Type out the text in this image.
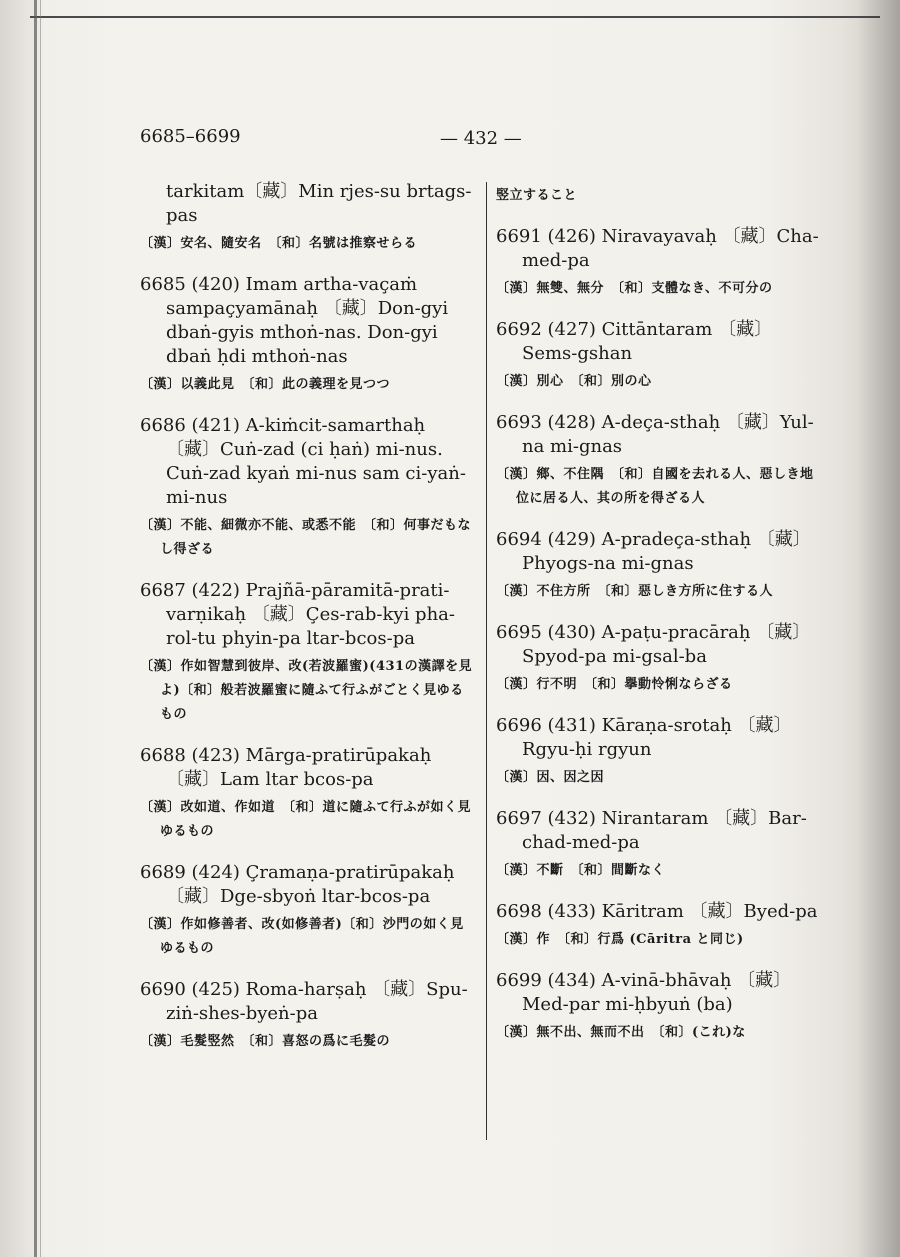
6685–6699	— 432 —
tarkitam〔藏〕Min rjes-su brtags-pas
〔漢〕安名、隨安名　〔和〕名號は推察せらる
6685 (420) Imam artha-vaçaṁ sampaçyamānaḥ 〔藏〕Don-gyi dbaṅ-gyis mthoṅ-nas. Don-gyi dbaṅ ḥdi mthoṅ-nas
〔漢〕以義此見　〔和〕此の義理を見つつ
6686 (421) A-kiṁcit-samarthaḥ 〔藏〕Cuṅ-zad (ci ḥaṅ) mi-nus. Cuṅ-zad kyaṅ mi-nus sam ci-yaṅ-mi-nus
〔漢〕不能、細微亦不能、或悉不能　〔和〕何事だもなし得ざる
6687 (422) Prajñā-pāramitā-prati-varṇikaḥ 〔藏〕Çes-rab-kyi pha-rol-tu phyin-pa ltar-bcos-pa
〔漢〕作如智慧到彼岸、改(若波羅蜜)(431の漢譯を見よ)〔和〕般若波羅蜜に隨ふて行ふがごとく見ゆるもの
6688 (423) Mārga-pratirūpakaḥ 〔藏〕Lam ltar bcos-pa
〔漢〕改如道、作如道　〔和〕道に隨ふて行ふが如く見ゆるもの
6689 (424) Çramaṇa-pratirūpakaḥ 〔藏〕Dge-sbyoṅ ltar-bcos-pa
〔漢〕作如修善者、改(如修善者)〔和〕沙門の如く見ゆるもの
6690 (425) Roma-harṣaḥ 〔藏〕Spu-ziṅ-shes-byeṅ-pa
〔漢〕毛髮竪然　〔和〕喜怒の爲に毛髮の
竪立すること
6691 (426) Niravayavaḥ 〔藏〕Cha-med-pa
〔漢〕無雙、無分　〔和〕支體なき、不可分の
6692 (427) Cittāntaram 〔藏〕Sems-gshan
〔漢〕別心　〔和〕別の心
6693 (428) A-deça-sthaḥ 〔藏〕Yul-na mi-gnas
〔漢〕鄉、不住隅　〔和〕自國を去れる人、惡しき地位に居る人、其の所を得ざる人
6694 (429) A-pradeça-sthaḥ 〔藏〕Phyogs-na mi-gnas
〔漢〕不住方所　〔和〕惡しき方所に住する人
6695 (430) A-paṭu-pracāraḥ 〔藏〕Spyod-pa mi-gsal-ba
〔漢〕行不明　〔和〕擧動怜悧ならざる
6696 (431) Kāraṇa-srotaḥ 〔藏〕Rgyu-ḥi rgyun
〔漢〕因、因之因
6697 (432) Nirantaram 〔藏〕Bar-chad-med-pa
〔漢〕不斷　〔和〕間斷なく
6698 (433) Kāritram 〔藏〕Byed-pa
〔漢〕作　〔和〕行爲 (Cāritra と同じ)
6699 (434) A-vinā-bhāvaḥ 〔藏〕Med-par mi-ḥbyuṅ (ba)
〔漢〕無不出、無而不出　〔和〕(これ)な
